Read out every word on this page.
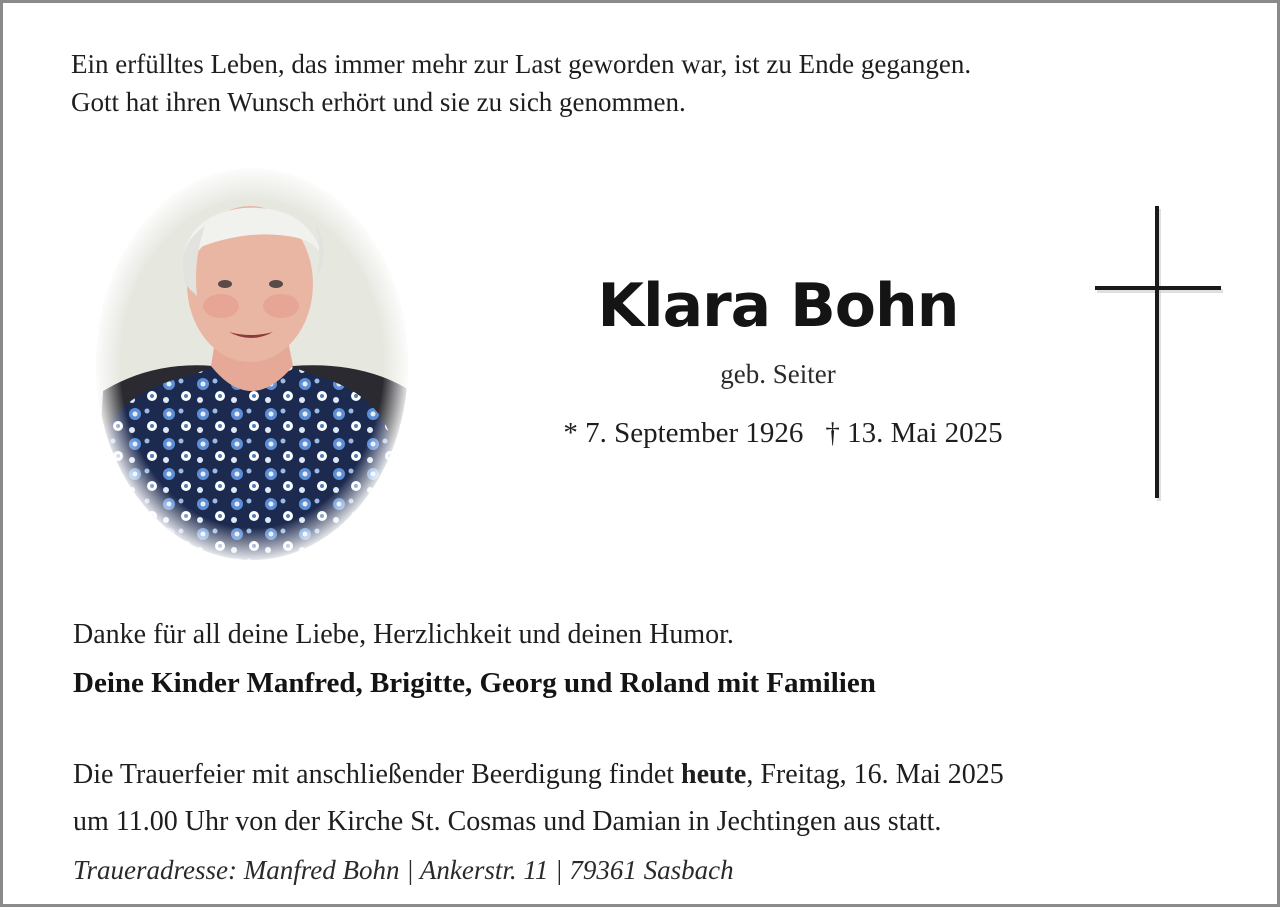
Ein erfülltes Leben, das immer mehr zur Last geworden war, ist zu Ende gegangen.
Gott hat ihren Wunsch erhört und sie zu sich genommen.
Klara Bohn
geb. Seiter
* 7. September 1926 † 13. Mai 2025
Danke für all deine Liebe, Herzlichkeit und deinen Humor.
Deine Kinder Manfred, Brigitte, Georg und Roland mit Familien
Die Trauerfeier mit anschließender Beerdigung findet heute, Freitag, 16. Mai 2025
um 11.00 Uhr von der Kirche St. Cosmas und Damian in Jechtingen aus statt.
Traueradresse: Manfred Bohn | Ankerstr. 11 | 79361 Sasbach
